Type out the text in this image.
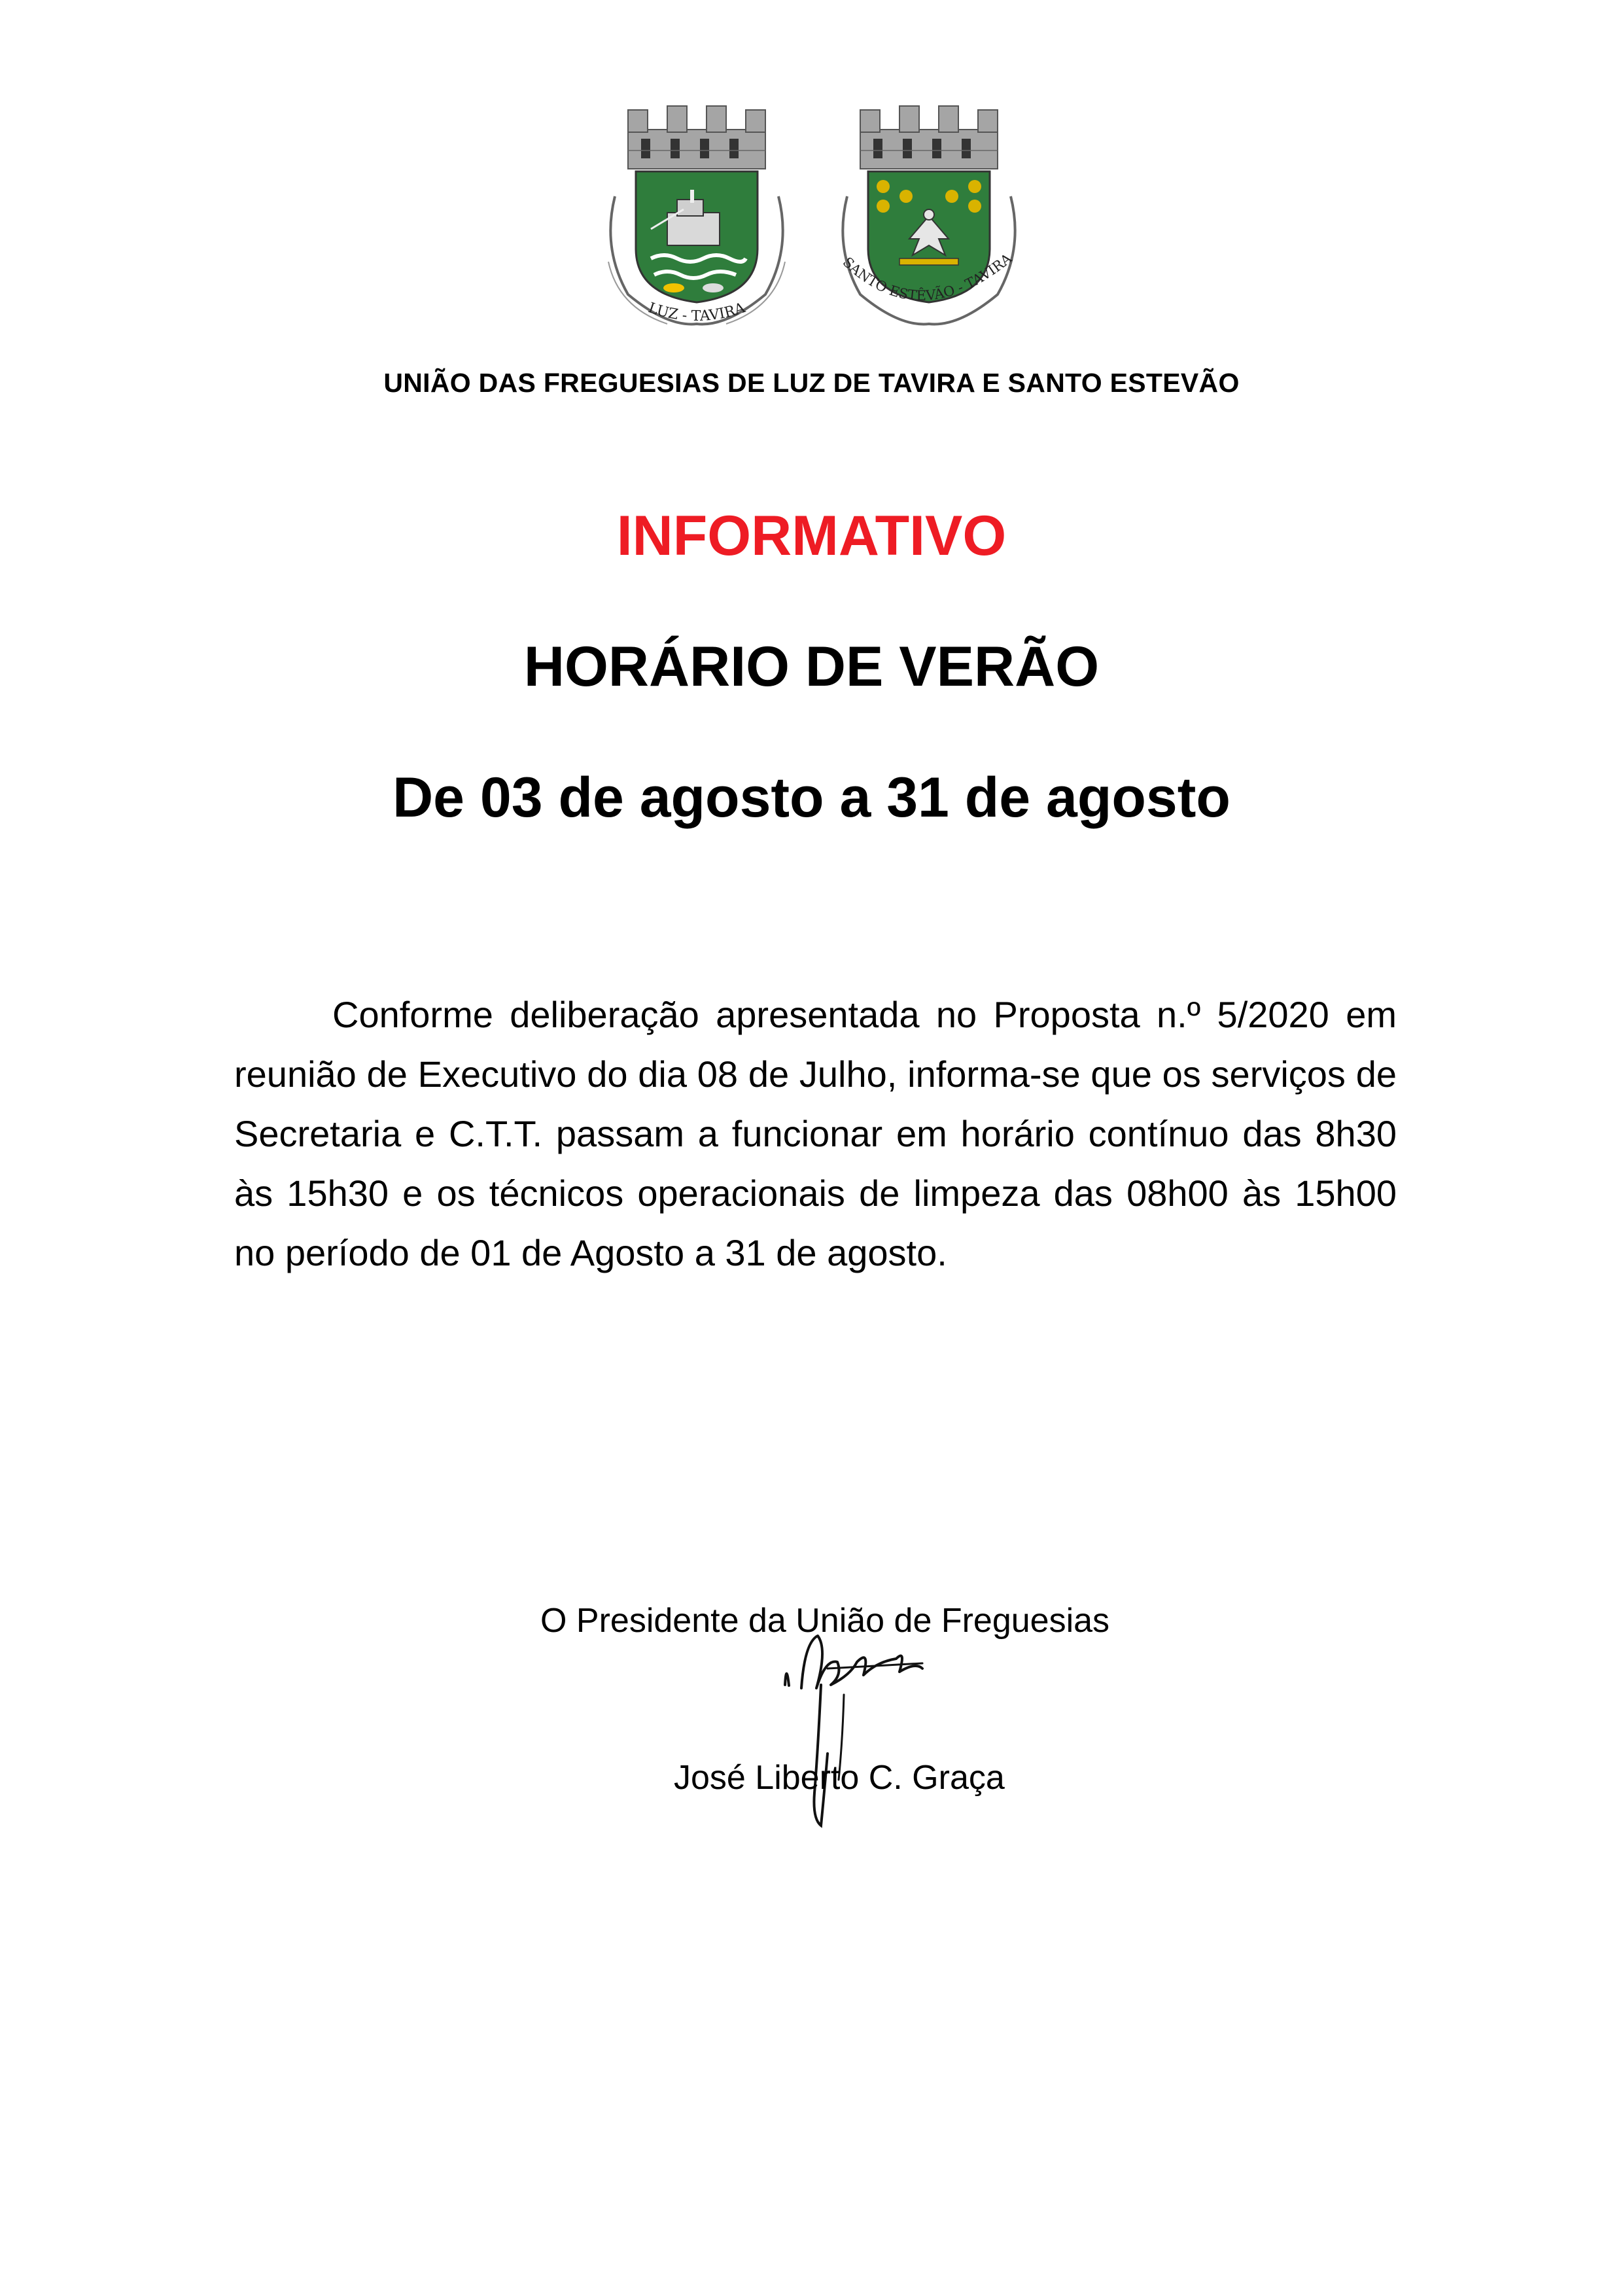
LUZ - TAVIRA
SANTO ESTÊVÃO - TAVIRA
UNIÃO DAS FREGUESIAS DE LUZ DE TAVIRA E SANTO ESTEVÃO
INFORMATIVO
HORÁRIO DE VERÃO
De 03 de agosto a 31 de agosto

Conforme deliberação apresentada no Proposta n.º 5/2020 em reunião de Executivo do dia 08 de Julho, informa-se que os serviços de Secretaria e C.T.T. passam a funcionar em horário contínuo das 8h30 às 15h30 e os técnicos operacionais de limpeza das 08h00 às 15h00 no período de 01 de Agosto a 31 de agosto.

O Presidente da União de Freguesias
José Liberto C. Graça
